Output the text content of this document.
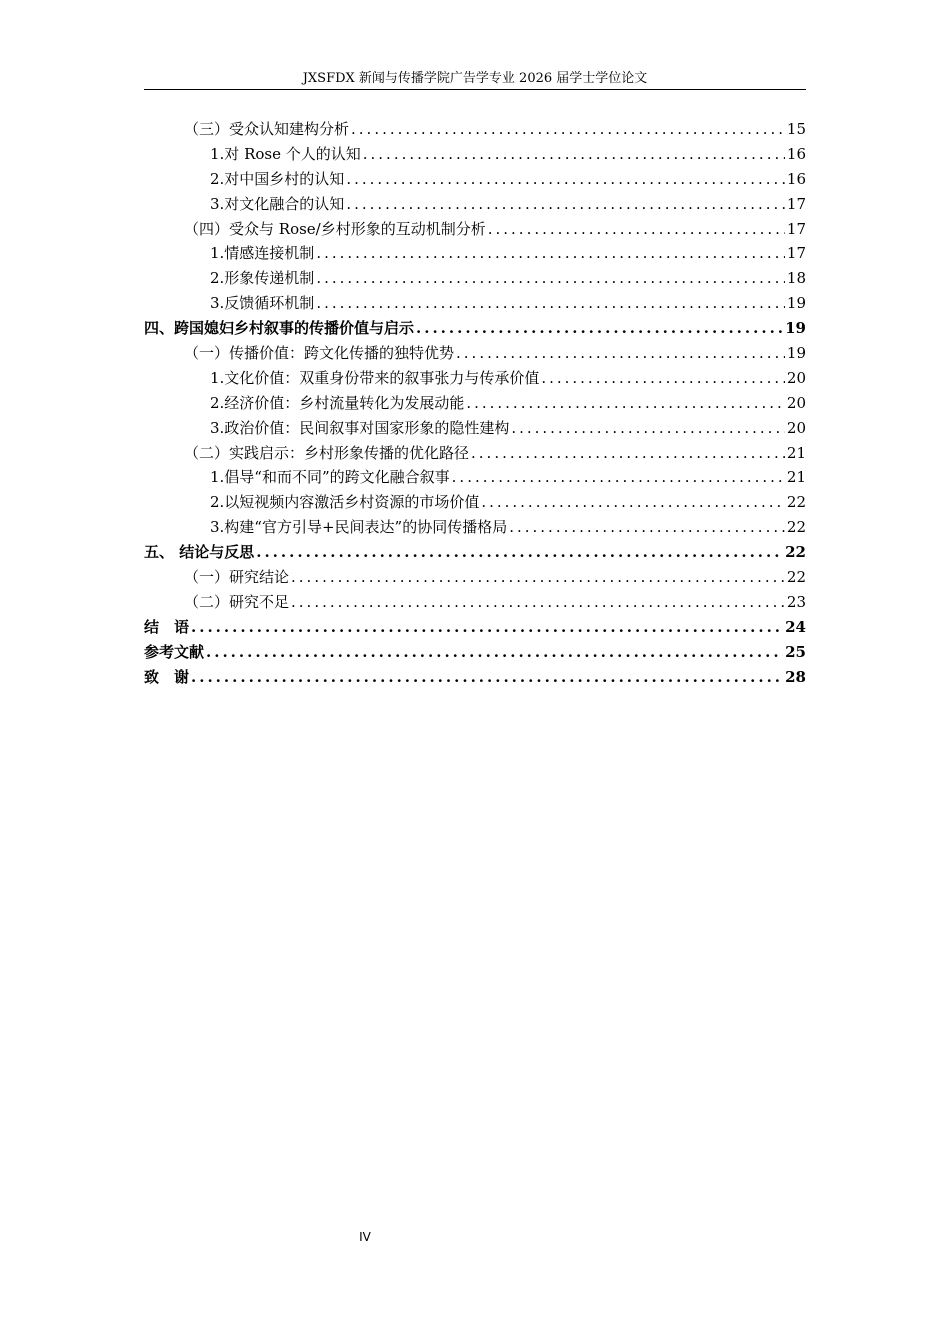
JXSFDX 新闻与传播学院广告学专业 2026 届学士学位论文
（三）受众认知建构分析 .....	15
1.对 Rose 个人的认知 .....	16
2.对中国乡村的认知 .....	16
3.对文化融合的认知 .....	17
（四）受众与 Rose/乡村形象的互动机制分析 .....	17
1.情感连接机制 .....	17
2.形象传递机制 .....	18
3.反馈循环机制 .....	19
四、跨国媳妇乡村叙事的传播价值与启示 .....	19
（一）传播价值：跨文化传播的独特优势 .....	19
1.文化价值：双重身份带来的叙事张力与传承价值 .....	20
2.经济价值：乡村流量转化为发展动能 .....	20
3.政治价值：民间叙事对国家形象的隐性建构 .....	20
（二）实践启示：乡村形象传播的优化路径 .....	21
1.倡导“和而不同”的跨文化融合叙事 .....	21
2.以短视频内容激活乡村资源的市场价值 .....	22
3.构建“官方引导+民间表达”的协同传播格局 .....	22
五、 结论与反思 .....	22
（一）研究结论 .....	22
（二）研究不足 .....	23
结　语 .....	24
参考文献 .....	25
致　谢 .....	28
IV
